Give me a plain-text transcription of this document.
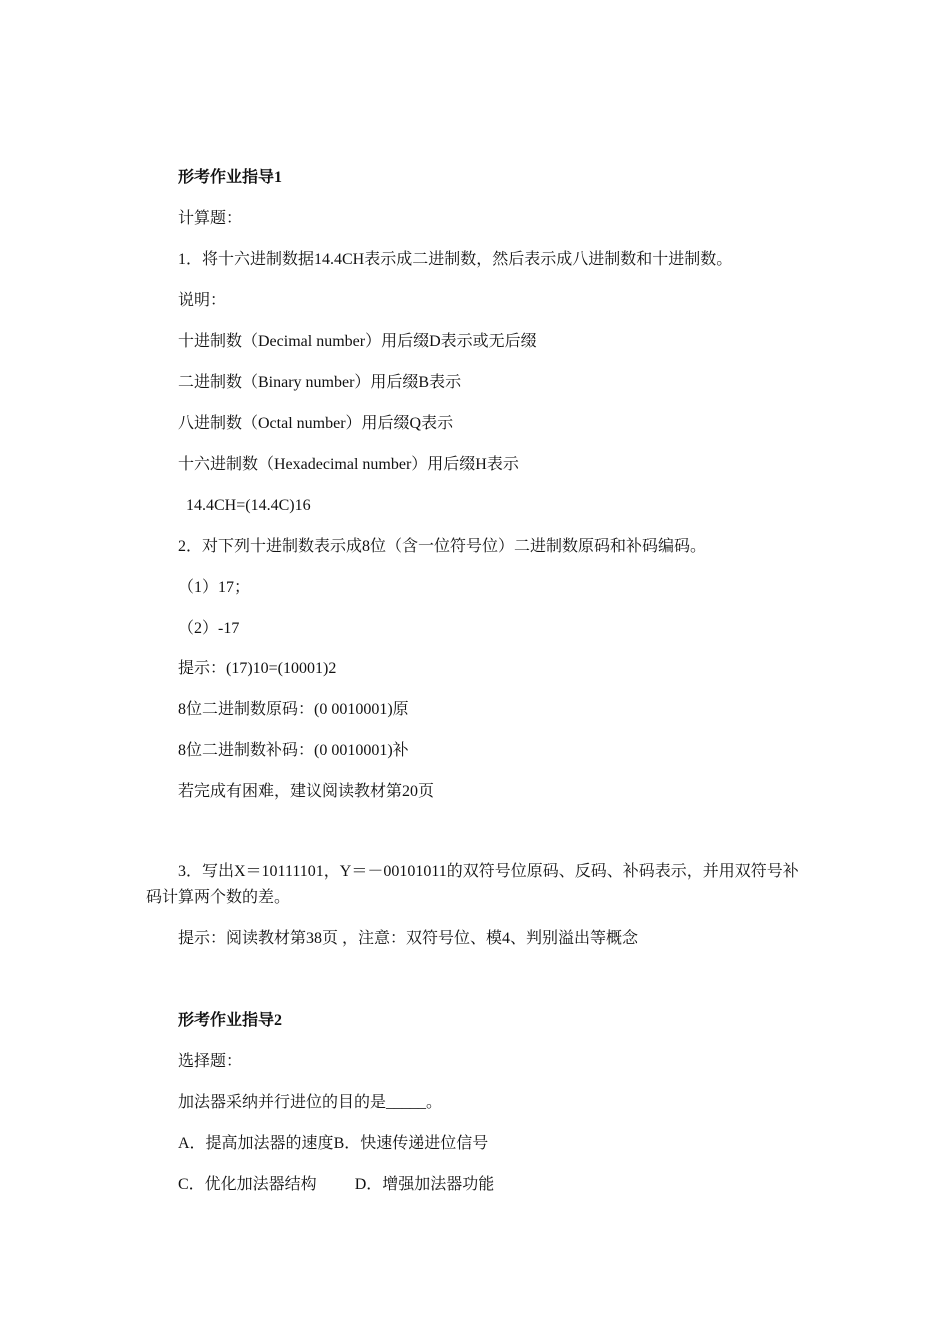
形考作业指导1
计算题：
1．将十六进制数据14.4CH表示成二进制数，然后表示成八进制数和十进制数。
说明：
十进制数（Decimal number）用后缀D表示或无后缀
二进制数（Binary number）用后缀B表示
八进制数（Octal number）用后缀Q表示
十六进制数（Hexadecimal number）用后缀H表示
14.4CH=(14.4C)16
2．对下列十进制数表示成8位（含一位符号位）二进制数原码和补码编码。
（1）17；
（2）-17
提示：(17)10=(10001)2
8位二进制数原码：(0 0010001)原
8位二进制数补码：(0 0010001)补
若完成有困难，建议阅读教材第20页
3．写出X＝10111101，Y＝－00101011的双符号位原码、反码、补码表示，并用双符号补码计算两个数的差。
提示：阅读教材第38页 ，注意：双符号位、模4、判别溢出等概念
形考作业指导2
选择题：
加法器采纳并行进位的目的是_____。
A．提高加法器的速度B．快速传递进位信号
C．优化加法器结构 D．增强加法器功能
